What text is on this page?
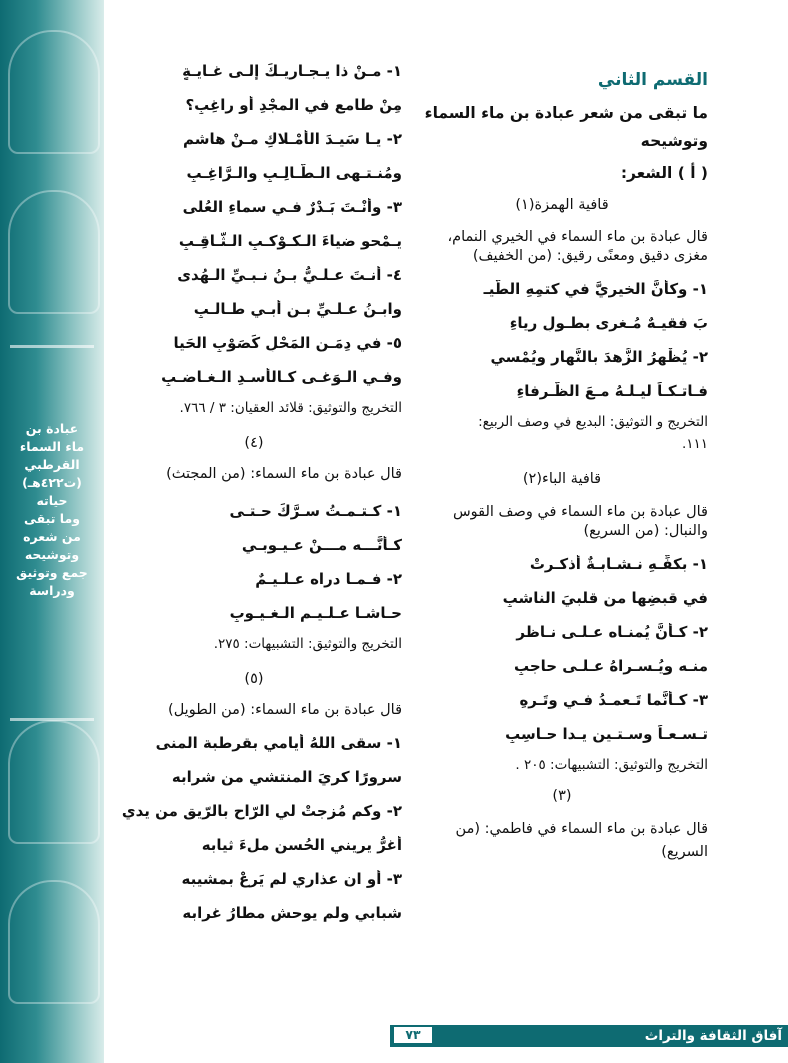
عبادة بن
ماء السماء
القرطبي
(ت٤٢٢هـ)
حياته
وما تبقى
من شعره
وتوشيحه
جمع وتوثيق
ودراسة

القسم الثاني

ما تبقى من شعر عبادة بن ماء السماء

وتوشيحه

( أ ) الشعر:

قافية الهمزة(١)

قال عبادة بن ماء السماء في الخيري النمام،

مغزى دقيق ومعنًى رقيق: (من الخفيف)

١- وكأنَّ الخيريَّ في كتمِهِ الطّيـ

بَ فقيـهٌ مُـغرى بطـولِ رياءِ

٢- يُظْهِرُ الزُّهدَ بالنَّهارِ ويُمْسي

فـاتـكـاً ليـلـهُ مـعَ الظّـرفاءِ

التخريج و التوثيق: البديع في وصف الربيع:

١١١.

قافية الباء(٢)

قال عبادة بن ماء السماء في وصف القوس

والنبال: (من السريع)

١- بكفِّـهِ نـشـابـةٌ أذكـرتْ

في قبضِها من قلبيَ الناشبِ

٢- كـأنَّ يُمنـاه عـلـى نـاظرٍ

منـه ويُـسـراهُ عـلـى حاجبِ

٣- كـأنَّما تَـعمـدُ فـي وتَـرِهِ

تـسـعـاً وسـتـين يـدا حـاسِبِ

التخريج والتوثيق: التشبيهات: ٢٠٥ .

(٣)

قال عبادة بن ماء السماء في فاطمي: (من

السريع)

١- مـنْ ذا يـجـاريـكَ إلـى غـايـةٍ

مِنْ طامعٍ في المجْدِ أو راغِبِ؟

٢- يـا سَيـدَ الأمْـلاكِ مـنْ هاشمٍ

ومُنـتـهى الـطّـالِـبِ والـرَّاغِـبِ

٣- وأَنْـتَ بَـدْرٌ فـي سماءِ العُلى

يـمْحو ضياءَ الـكـوْكـبِ الـثّـاقِـبِ

٤- أَنـتَ عـلـيُّ بـنُ نـبـيِّ الـهُدى

وابـنُ عـلـيِّ بـن أبـي طـالـبِ

٥- في دِمَـنِ المَحْلِ كَصَوْبِ الحَيا

وفـي الـوَغـى كـالأَسـدِ الـغـاضـبِ

التخريج والتوثيق: قلائد العقيان: ٣ / ٧٦٦.

(٤)

قال عبادة بن ماء السماء: (من المجتث)

١- كـتـمـتُ سـرَّكَ حـتـى

كـأنَّـــه مـــنْ عـيـوبـي

٢- فـمـا دراه عـلـيـمٌ

حـاشـا عـلـيـمِ الـغـيـوبِ

التخريج والتوثيق: التشبيهات: ٢٧٥.

(٥)

قال عبادة بن ماء السماء: (من الطويل)

١- سقى اللهُ أيامي بقرطبة المنى

سرورًا كريَ المنتشي من شرابه

٢- وكم مُزجتْ لي الرّاح بالرّيق من يدي

أغرُّ يريني الحُسن ملءَ ثيابه

٣- أو ان عذاري لم يَرعْ بمشيبه

شبابي ولم يوحش مطارُ غرابه

آفاق الثقافة والتراث
٧٣
